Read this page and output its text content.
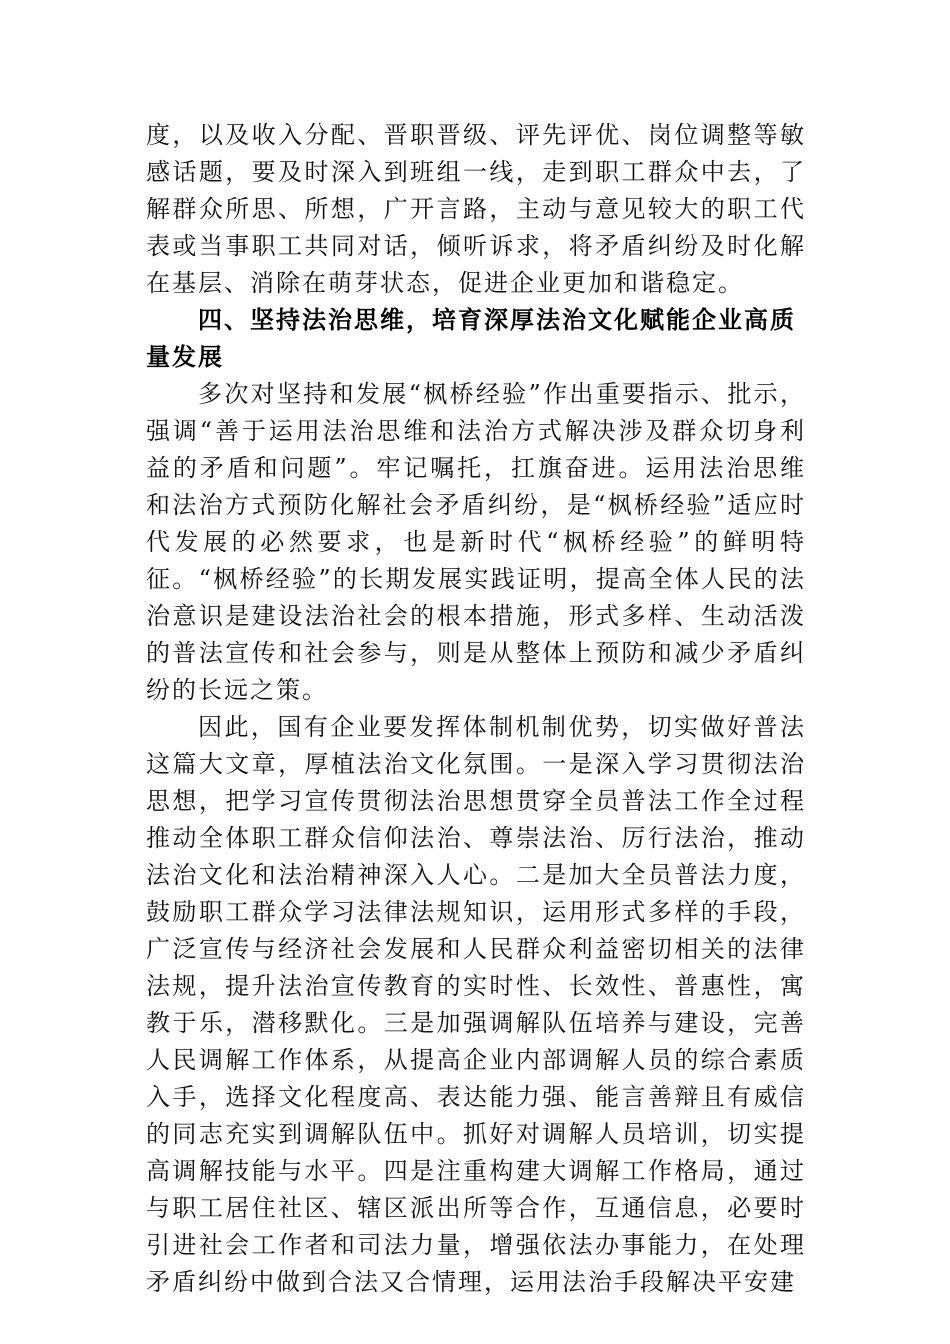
度，以及收入分配、晋职晋级、评先评优、岗位调整等敏感话题，要及时深入到班组一线，走到职工群众中去，了解群众所思、所想，广开言路，主动与意见较大的职工代表或当事职工共同对话，倾听诉求，将矛盾纠纷及时化解在基层、消除在萌芽状态，促进企业更加和谐稳定。

四、坚持法治思维，培育深厚法治文化赋能企业高质量发展

多次对坚持和发展“枫桥经验”作出重要指示、批示，强调“善于运用法治思维和法治方式解决涉及群众切身利益的矛盾和问题”。牢记嘱托，扛旗奋进。运用法治思维和法治方式预防化解社会矛盾纠纷，是“枫桥经验”适应时代发展的必然要求，也是新时代“枫桥经验”的鲜明特征。“枫桥经验”的长期发展实践证明，提高全体人民的法治意识是建设法治社会的根本措施，形式多样、生动活泼的普法宣传和社会参与，则是从整体上预防和减少矛盾纠纷的长远之策。

因此，国有企业要发挥体制机制优势，切实做好普法这篇大文章，厚植法治文化氛围。一是深入学习贯彻法治思想，把学习宣传贯彻法治思想贯穿全员普法工作全过程推动全体职工群众信仰法治、尊崇法治、厉行法治，推动法治文化和法治精神深入人心。二是加大全员普法力度，鼓励职工群众学习法律法规知识，运用形式多样的手段，广泛宣传与经济社会发展和人民群众利益密切相关的法律法规，提升法治宣传教育的实时性、长效性、普惠性，寓教于乐，潜移默化。三是加强调解队伍培养与建设，完善人民调解工作体系，从提高企业内部调解人员的综合素质入手，选择文化程度高、表达能力强、能言善辩且有威信的同志充实到调解队伍中。抓好对调解人员培训，切实提高调解技能与水平。四是注重构建大调解工作格局，通过与职工居住社区、辖区派出所等合作，互通信息，必要时引进社会工作者和司法力量，增强依法办事能力，在处理矛盾纠纷中做到合法又合情理，运用法治手段解决平安建
